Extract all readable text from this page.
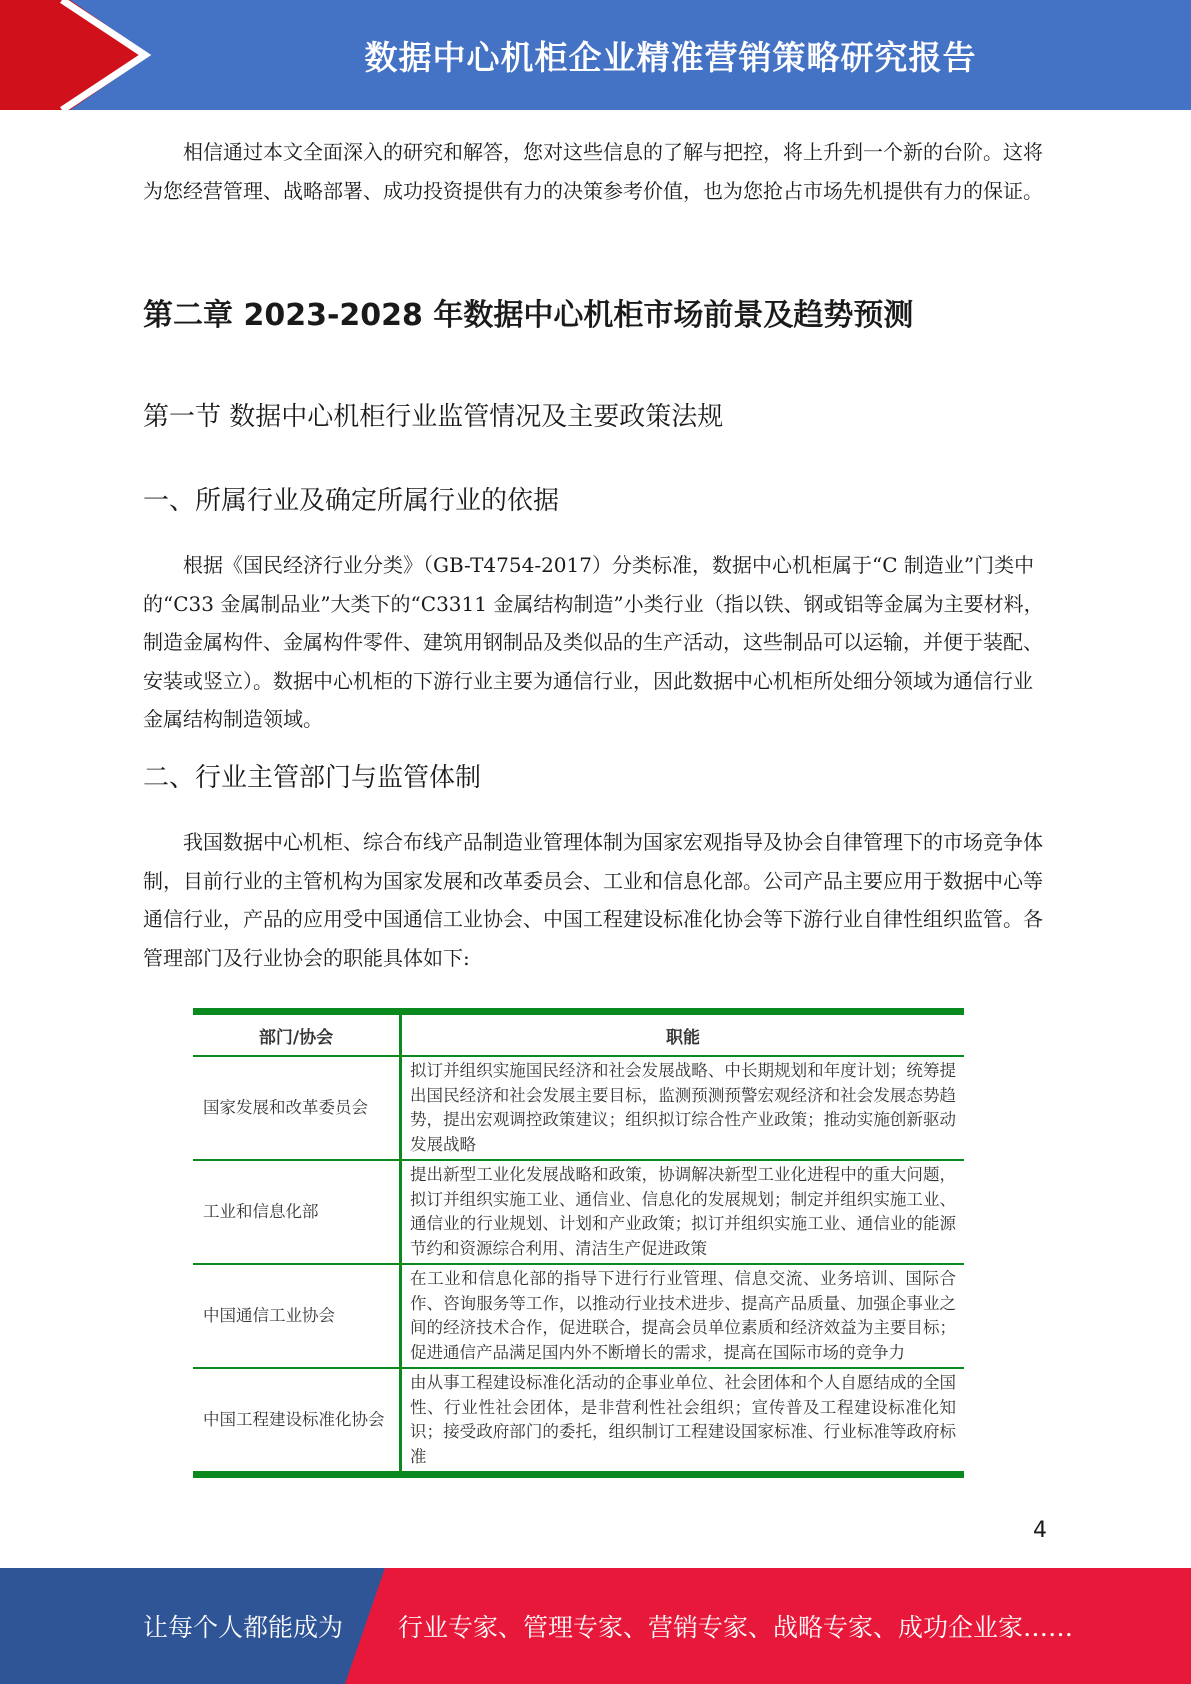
数据中心机柜企业精准营销策略研究报告

相信通过本文全面深入的研究和解答，您对这些信息的了解与把控，将上升到一个新的台阶。这将为您经营管理、战略部署、成功投资提供有力的决策参考价值，也为您抢占市场先机提供有力的保证。

第二章 2023-2028 年数据中心机柜市场前景及趋势预测
第一节 数据中心机柜行业监管情况及主要政策法规
一、所属行业及确定所属行业的依据

根据《国民经济行业分类》（GB-T4754-2017）分类标准，数据中心机柜属于“C 制造业”门类中的“C33 金属制品业”大类下的“C3311 金属结构制造”小类行业（指以铁、钢或铝等金属为主要材料，制造金属构件、金属构件零件、建筑用钢制品及类似品的生产活动，这些制品可以运输，并便于装配、安装或竖立）。数据中心机柜的下游行业主要为通信行业，因此数据中心机柜所处细分领域为通信行业金属结构制造领域。

二、行业主管部门与监管体制

我国数据中心机柜、综合布线产品制造业管理体制为国家宏观指导及协会自律管理下的市场竞争体制，目前行业的主管机构为国家发展和改革委员会、工业和信息化部。公司产品主要应用于数据中心等通信行业，产品的应用受中国通信工业协会、中国工程建设标准化协会等下游行业自律性组织监管。各管理部门及行业协会的职能具体如下:

部门/协会	职能
国家发展和改革委员会	拟订并组织实施国民经济和社会发展战略、中长期规划和年度计划；统筹提出国民经济和社会发展主要目标，监测预测预警宏观经济和社会发展态势趋势，提出宏观调控政策建议；组织拟订综合性产业政策；推动实施创新驱动发展战略
工业和信息化部	提出新型工业化发展战略和政策，协调解决新型工业化进程中的重大问题，拟订并组织实施工业、通信业、信息化的发展规划；制定并组织实施工业、通信业的行业规划、计划和产业政策；拟订并组织实施工业、通信业的能源节约和资源综合利用、清洁生产促进政策
中国通信工业协会	在工业和信息化部的指导下进行行业管理、信息交流、业务培训、国际合作、咨询服务等工作，以推动行业技术进步、提高产品质量、加强企事业之间的经济技术合作，促进联合，提高会员单位素质和经济效益为主要目标；促进通信产品满足国内外不断增长的需求，提高在国际市场的竞争力
中国工程建设标准化协会	由从事工程建设标准化活动的企事业单位、社会团体和个人自愿结成的全国性、行业性社会团体，是非营利性社会组织；宣传普及工程建设标准化知识；接受政府部门的委托，组织制订工程建设国家标准、行业标准等政府标准
4
让每个人都能成为 行业专家、管理专家、营销专家、战略专家、成功企业家……
